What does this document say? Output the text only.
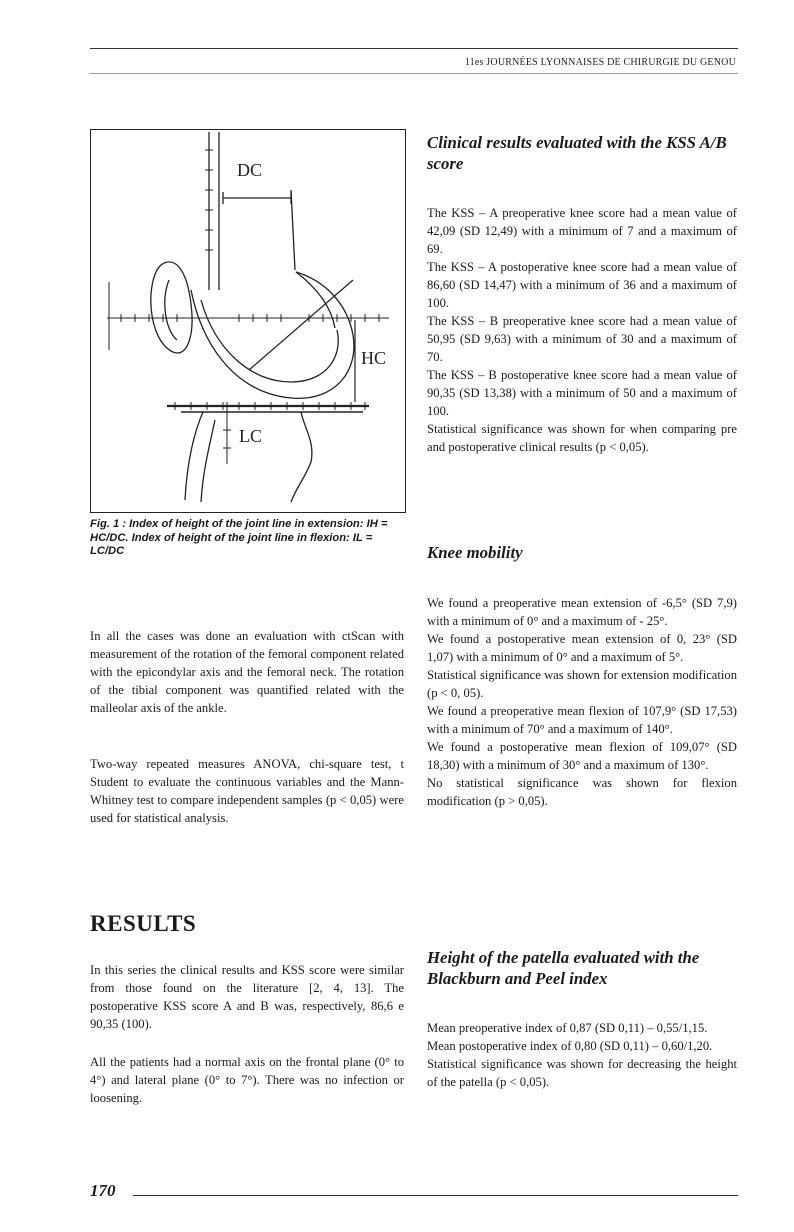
11es JOURNÉES LYONNAISES DE CHIRURGIE DU GENOU
DC
HC
LC
Fig. 1 : Index of height of the joint line in extension: IH = HC/DC. Index of height of the joint line in flexion: IL = LC/DC

In all the cases was done an evaluation with ctScan with measurement of the rotation of the femoral component related with the epicondylar axis and the femoral neck. The rotation of the tibial component was quantified related with the malleolar axis of the ankle.

Two-way repeated measures ANOVA, chi-square test, t Student to evaluate the continuous variables and the Mann-Whitney test to compare independent samples (p < 0,05) were used for statistical analysis.

RESULTS

In this series the clinical results and KSS score were similar from those found on the literature [2, 4, 13]. The postoperative KSS score A and B was, respectively, 86,6 e 90,35 (100).

All the patients had a normal axis on the frontal plane (0° to 4°) and lateral plane (0° to 7°). There was no infection or loosening.

Clinical results evaluated with the KSS A/B score

The KSS – A preoperative knee score had a mean value of 42,09 (SD 12,49) with a minimum of 7 and a maximum of 69.

The KSS – A postoperative knee score had a mean value of 86,60 (SD 14,47) with a minimum of 36 and a maximum of 100.

The KSS – B preoperative knee score had a mean value of 50,95 (SD 9,63) with a minimum of 30 and a maximum of 70.

The KSS – B postoperative knee score had a mean value of 90,35 (SD 13,38) with a minimum of 50 and a maximum of 100.

Statistical significance was shown for when comparing pre and postoperative clinical results (p < 0,05).

Knee mobility

We found a preoperative mean extension of -6,5° (SD 7,9) with a minimum of 0° and a maximum of - 25°.

We found a postoperative mean extension of 0, 23° (SD 1,07) with a minimum of 0° and a maximum of 5°.

Statistical significance was shown for extension modification (p < 0, 05).

We found a preoperative mean flexion of 107,9° (SD 17,53) with a minimum of 70° and a maximum of 140°.

We found a postoperative mean flexion of 109,07° (SD 18,30) with a minimum of 30° and a maximum of 130°.

No statistical significance was shown for flexion modification (p > 0,05).

Height of the patella evaluated with the Blackburn and Peel index

Mean preoperative index of 0,87 (SD 0,11) – 0,55/1,15.

Mean postoperative index of 0,80 (SD 0,11) – 0,60/1,20.

Statistical significance was shown for decreasing the height of the patella (p < 0,05).

170
